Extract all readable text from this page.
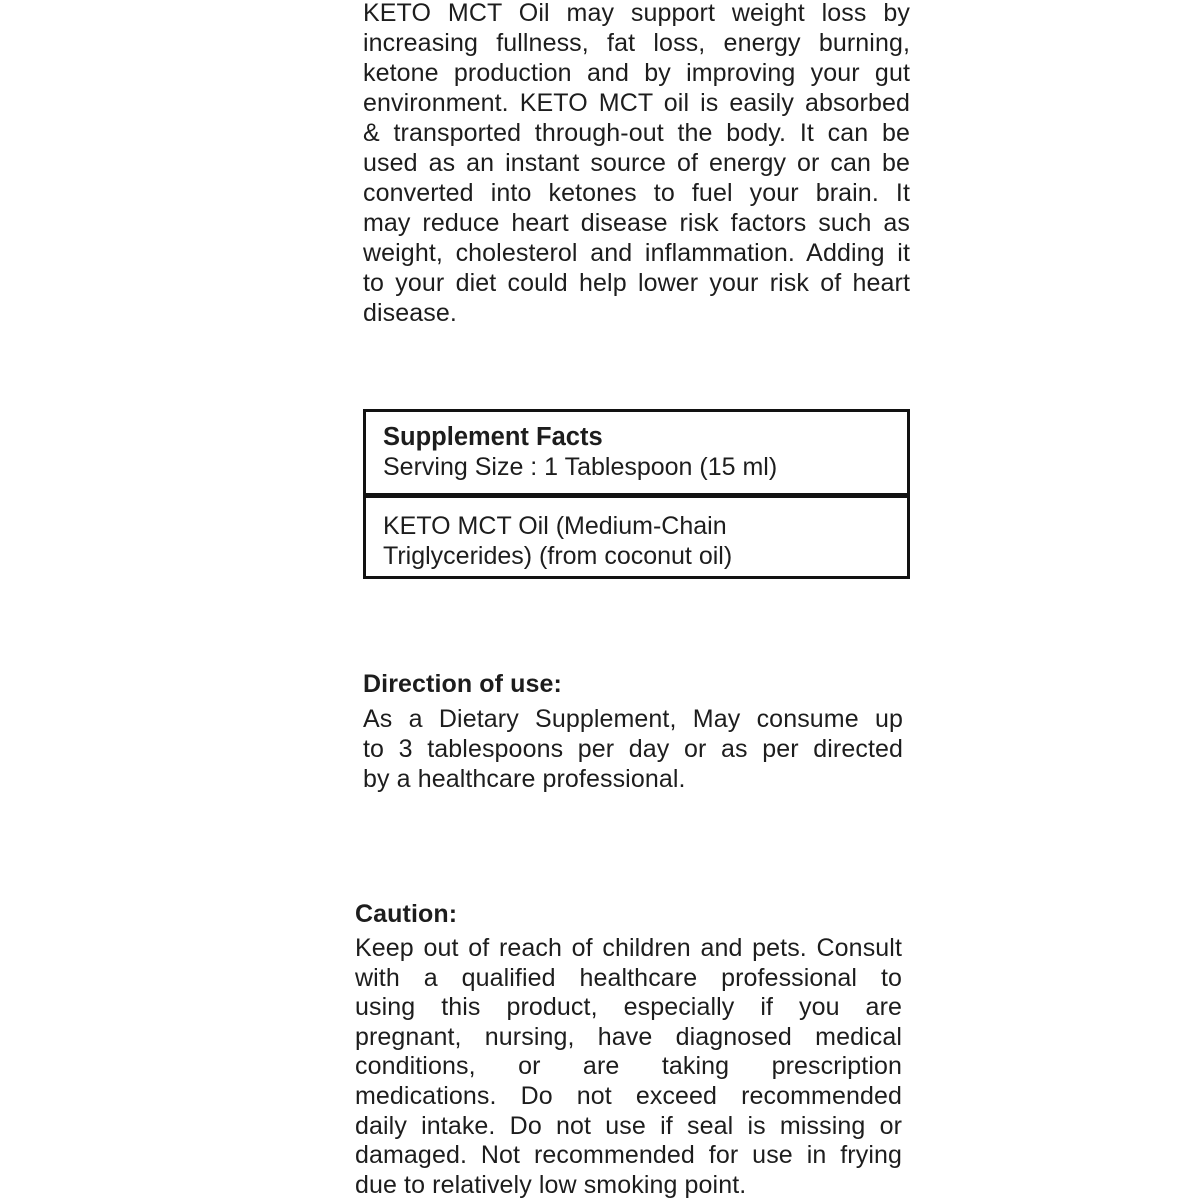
KETO MCT Oil may support weight loss by
increasing fullness, fat loss, energy burning,
ketone production and by improving your gut
environment. KETO MCT oil is easily absorbed
& transported through-out the body. It can be
used as an instant source of energy or can be
converted into ketones to fuel your brain. It
may reduce heart disease risk factors such as
weight, cholesterol and inflammation. Adding it
to your diet could help lower your risk of heart
disease.
Supplement Facts
Serving Size : 1 Tablespoon (15 ml)
KETO MCT Oil (Medium-Chain
Triglycerides) (from coconut oil)
Direction of use:
As a Dietary Supplement, May consume up
to 3 tablespoons per day or as per directed
by a healthcare professional.
Caution:
Keep out of reach of children and pets. Consult
with a qualified healthcare professional to
using this product, especially if you are
pregnant, nursing, have diagnosed medical
conditions, or are taking prescription
medications. Do not exceed recommended
daily intake. Do not use if seal is missing or
damaged. Not recommended for use in frying
due to relatively low smoking point.
